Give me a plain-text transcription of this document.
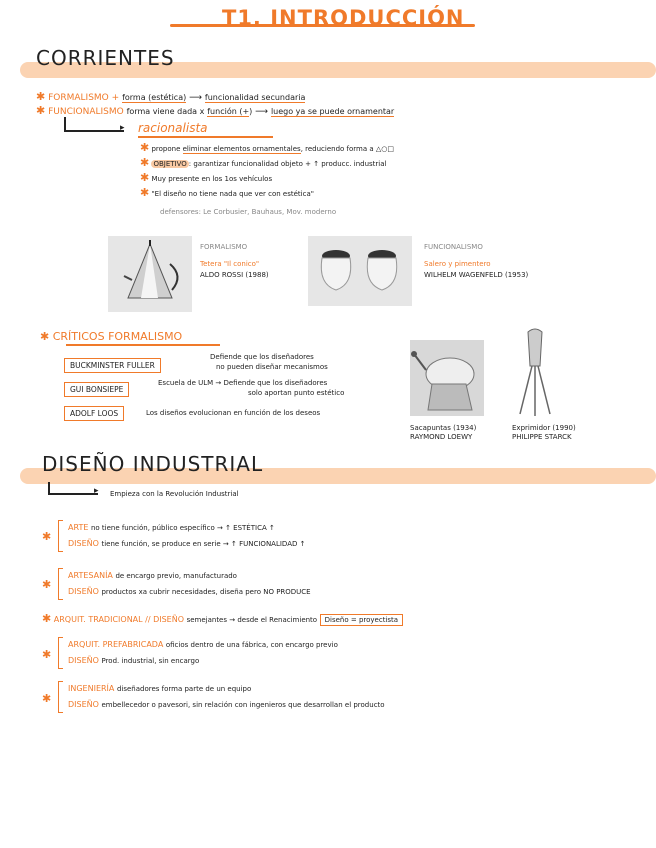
T1. INTRODUCCIÓN
CORRIENTES
✱ FORMALISMO + forma (estética) ⟶ funcionalidad secundaria
✱ FUNCIONALISMO forma viene dada x función (+) ⟶ luego ya se puede ornamentar
▸ racionalista
✱ propone eliminar elementos ornamentales, reduciendo forma a △○□
✱ OBJETIVO : garantizar funcionalidad objeto + ↑ producc. industrial
✱ Muy presente en los 1os vehículos
✱ "El diseño no tiene nada que ver con estética"
defensores: Le Corbusier, Bauhaus, Mov. moderno
FORMALISMO
Tetera "Il conico"
ALDO ROSSI (1988)
FUNCIONALISMO
Salero y pimentero
WILHELM WAGENFELD (1953)
✱ CRÍTICOS FORMALISMO
BUCKMINSTER FULLER
Defiende que los diseñadores
no pueden diseñar mecanismos
GUI BONSIEPE
Escuela de ULM → Defiende que los diseñadores
solo aportan punto estético
ADOLF LOOS	Los diseños evolucionan en función de los deseos
Sacapuntas (1934)
RAYMOND LOEWY
Exprimidor (1990)
PHILIPPE STARCK
DISEÑO INDUSTRIAL
▸ Empieza con la Revolución Industrial
✱
ARTE no tiene función, público específico → ↑ ESTÉTICA ↑
DISEÑO tiene función, se produce en serie → ↑ FUNCIONALIDAD ↑
✱
ARTESANÍA de encargo previo, manufacturado
DISEÑO productos xa cubrir necesidades, diseña pero NO PRODUCE
✱ ARQUIT. TRADICIONAL // DISEÑO semejantes → desde el Renacimiento Diseño = proyectista
✱
ARQUIT. PREFABRICADA oficios dentro de una fábrica, con encargo previo
DISEÑO Prod. industrial, sin encargo
✱
INGENIERÍA diseñadores forma parte de un equipo
DISEÑO embellecedor o pavesori, sin relación con ingenieros que desarrollan el producto
